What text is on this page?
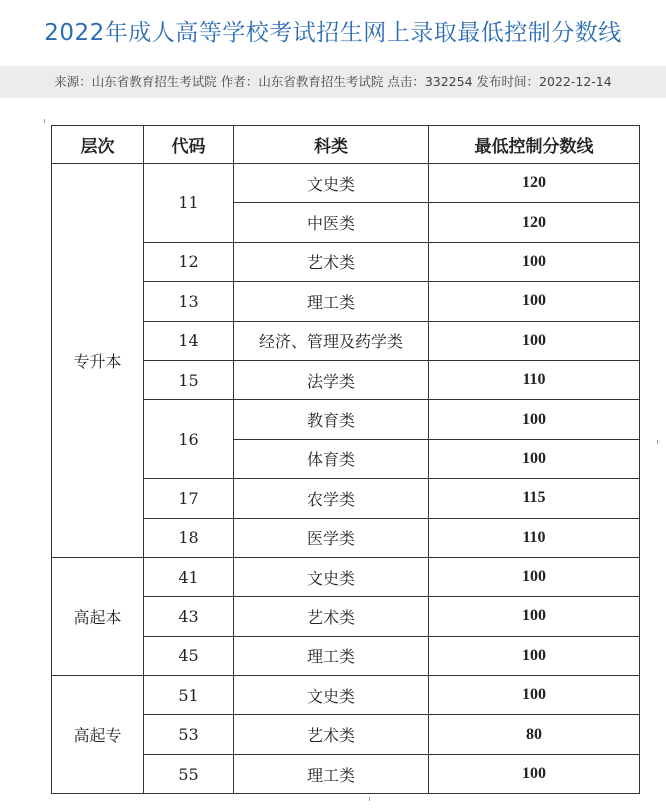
2022年成人高等学校考试招生网上录取最低控制分数线
来源：山东省教育招生考试院 作者：山东省教育招生考试院 点击：332254 发布时间：2022-12-14
层次	代码	科类	最低控制分数线
专升本	11	文史类	120
		中医类	120
	12	艺术类	100
	13	理工类	100
	14	经济、管理及药学类	100
	15	法学类	110
	16	教育类	100
		体育类	100
	17	农学类	115
	18	医学类	110
高起本	41	文史类	100
	43	艺术类	100
	45	理工类	100
高起专	51	文史类	100
	53	艺术类	80
	55	理工类	100
